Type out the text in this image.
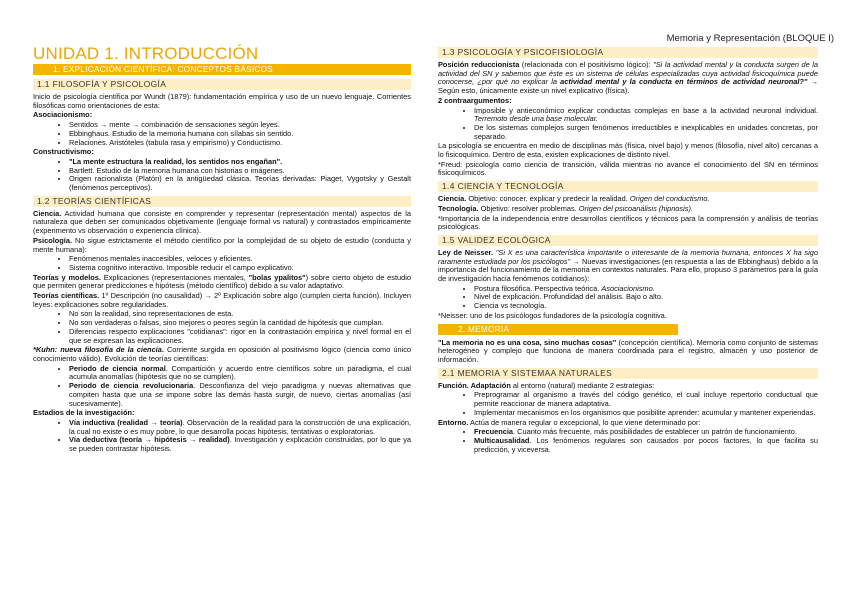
Memoria y Representación (BLOQUE I)
UNIDAD 1. INTRODUCCIÓN
1. EXPLICACIÓN CIENTÍFICA: CONCEPTOS BÁSICOS
1.1 FILOSOFÍA Y PSICOLOGÍA

Inicio de psicología científica por Wundt (1879): fundamentación empírica y uso de un nuevo lenguaje. Corrientes filosóficas como orientaciones de esta:

Asociacionismo:

• Sentidos → mente → combinación de sensaciones según leyes.
• Ebbinghaus. Estudio de la memoria humana con sílabas sin sentido.
• Relaciones. Aristóteles (tabula rasa y empirismo) y Conductismo.

Constructivismo:

• "La mente estructura la realidad, los sentidos nos engañan".
• Bartlett. Estudio de la memoria humana con historias o imágenes.
• Origen racionalista (Platón) en la antigüedad clásica. Teorías derivadas: Piaget, Vygotsky y Gestalt (fenómenos perceptivos).
1.2 TEORÍAS CIENTÍFICAS

Ciencia. Actividad humana que consiste en comprender y representar (representación mental) aspectos de la naturaleza que deben ser comunicados objetivamente (lenguaje formal vs natural) y contrastados empíricamente (experimento vs observación o experiencia clínica).

Psicología. No sigue estrictamente el método científico por la complejidad de su objeto de estudio (conducta y mente humana):

• Fenómenos mentales inaccesibles, veloces y eficientes.
• Sistema cognitivo interactivo. Imposible reducir el campo explicativo.

Teorías y modelos. Explicaciones (representaciones mentales, "bolas ypalitos") sobre cierto objeto de estudio que permiten generar predicciones e hipótesis (método científico) debido a su valor adaptativo.

Teorías científicas. 1º Descripción (no causalidad) → 2º Explicación sobre algo (cumplen cierta función). Incluyen leyes: explicaciones sobre regularidades.

• No son la realidad, sino representaciones de esta.
• No son verdaderas o falsas, sino mejores o peores según la cantidad de hipótesis que cumplan.
• Diferencias respecto explicaciones "cotidianas": rigor en la contrastación empírica y nivel formal en el que se expresan las explicaciones.

*Kuhn: nueva filosofía de la ciencia. Corriente surgida en oposición al positivismo lógico (ciencia como único conocimiento válido). Evolución de teorías científicas:

• Periodo de ciencia normal. Compartición y acuerdo entre científicos sobre un paradigma, el cual acumula anomalías (hipótesis que no se cumplen).
• Periodo de ciencia revolucionaria. Desconfianza del viejo paradigma y nuevas alternativas que compiten hasta que una se impone sobre las demás hasta surgir, de nuevo, ciertas anomalías (así sucesivamente).

Estadios de la investigación:

• Vía inductiva (realidad → teoría). Observación de la realidad para la construcción de una explicación, la cual no existe o es muy pobre, lo que desarrolla pocas hipótesis, tentativas o exploratorias.
• Vía deductiva (teoría → hipótesis → realidad). Investigación y explicación construidas, por lo que ya se pueden contrastar hipótesis.
1.3 PSICOLOGÍA Y PSICOFISIOLOGÍA

Posición reduccionista (relacionada con el positivismo lógico): "Si la actividad mental y la conducta surgen de la actividad del SN y sabemos que éste es un sistema de células especializadas cuya actividad fisicoquímica puede conocerse, ¿por qué no explicar la actividad mental y la conducta en términos de actividad neuronal?" → Según esto, únicamente existe un nivel explicativo (física).

2 contraargumentos:

• Imposible y antieconómico explicar conductas complejas en base a la actividad neuronal individual. Terremoto desde una base molecular.
• De los sistemas complejos surgen fenómenos irreductibles e inexplicables en unidades concretas, por separado.

La psicología se encuentra en medio de disciplinas más (física, nivel bajo) y menos (filosofía, nivel alto) cercanas a lo fisicoquímico. Dentro de esta, existen explicaciones de distinto nivel.

*Freud: psicología como ciencia de transición, válida mientras no avance el conocimiento del SN en términos fisicoquímicos.

1.4 CIENCIA Y TECNOLOGÍA

Ciencia. Objetivo: conocer, explicar y predecir la realidad. Origen del conductismo.

Tecnología. Objetivo: resolver problemas. Origen del psicoanálisis (hipnosis).

*Importancia de la independencia entre desarrollos científicos y técnicos para la comprensión y análisis de teorías psicológicas.

1.5 VALIDEZ ECOLÓGICA

Ley de Neisser. "Si X es una característica importante o interesante de la memoria humana, entonces X ha sigo raramente estudiada por los psicólogos" → Nuevas investigaciones (en respuesta a las de Ebbinghaus) debido a la importancia del funcionamiento de la memoria en contextos naturales. Para ello, propuso 3 parámetros para la guía de investigación hacia fenómenos cotidianos):

• Postura filosófica. Perspectiva teórica. Asociacionismo.
• Nivel de explicación. Profundidad del análisis. Bajo o alto.
• Ciencia vs tecnología.

*Neisser: uno de los psicólogos fundadores de la psicología cognitiva.

2. MEMORIA

"La memoria no es una cosa, sino muchas cosas" (concepción científica). Memoria como conjunto de sistemas heterogéneo y complejo que funciona de manera coordinada para el registro, almacén y uso posterior de información.

2.1 MEMORIA Y SISTEMAA NATURALES

Función. Adaptación al entorno (natural) mediante 2 estrategias:

• Preprogramar al organismo a través del código genético, el cual incluye repertorio conductual que permite reaccionar de manera adaptativa.
• Implementar mecanismos en los organismos que posibilite aprender: acumular y mantener experiendas.

Entorno. Actúa de manera regular o excepcional, lo que viene determinado por:

• Frecuencia. Cuanto más frecuente, más posibilidades de establecer un patrón de funcionamiento.
• Multicausalidad. Los fenómenos regulares son causados por pocos factores, lo que facilita su predicción, y viceversa.
